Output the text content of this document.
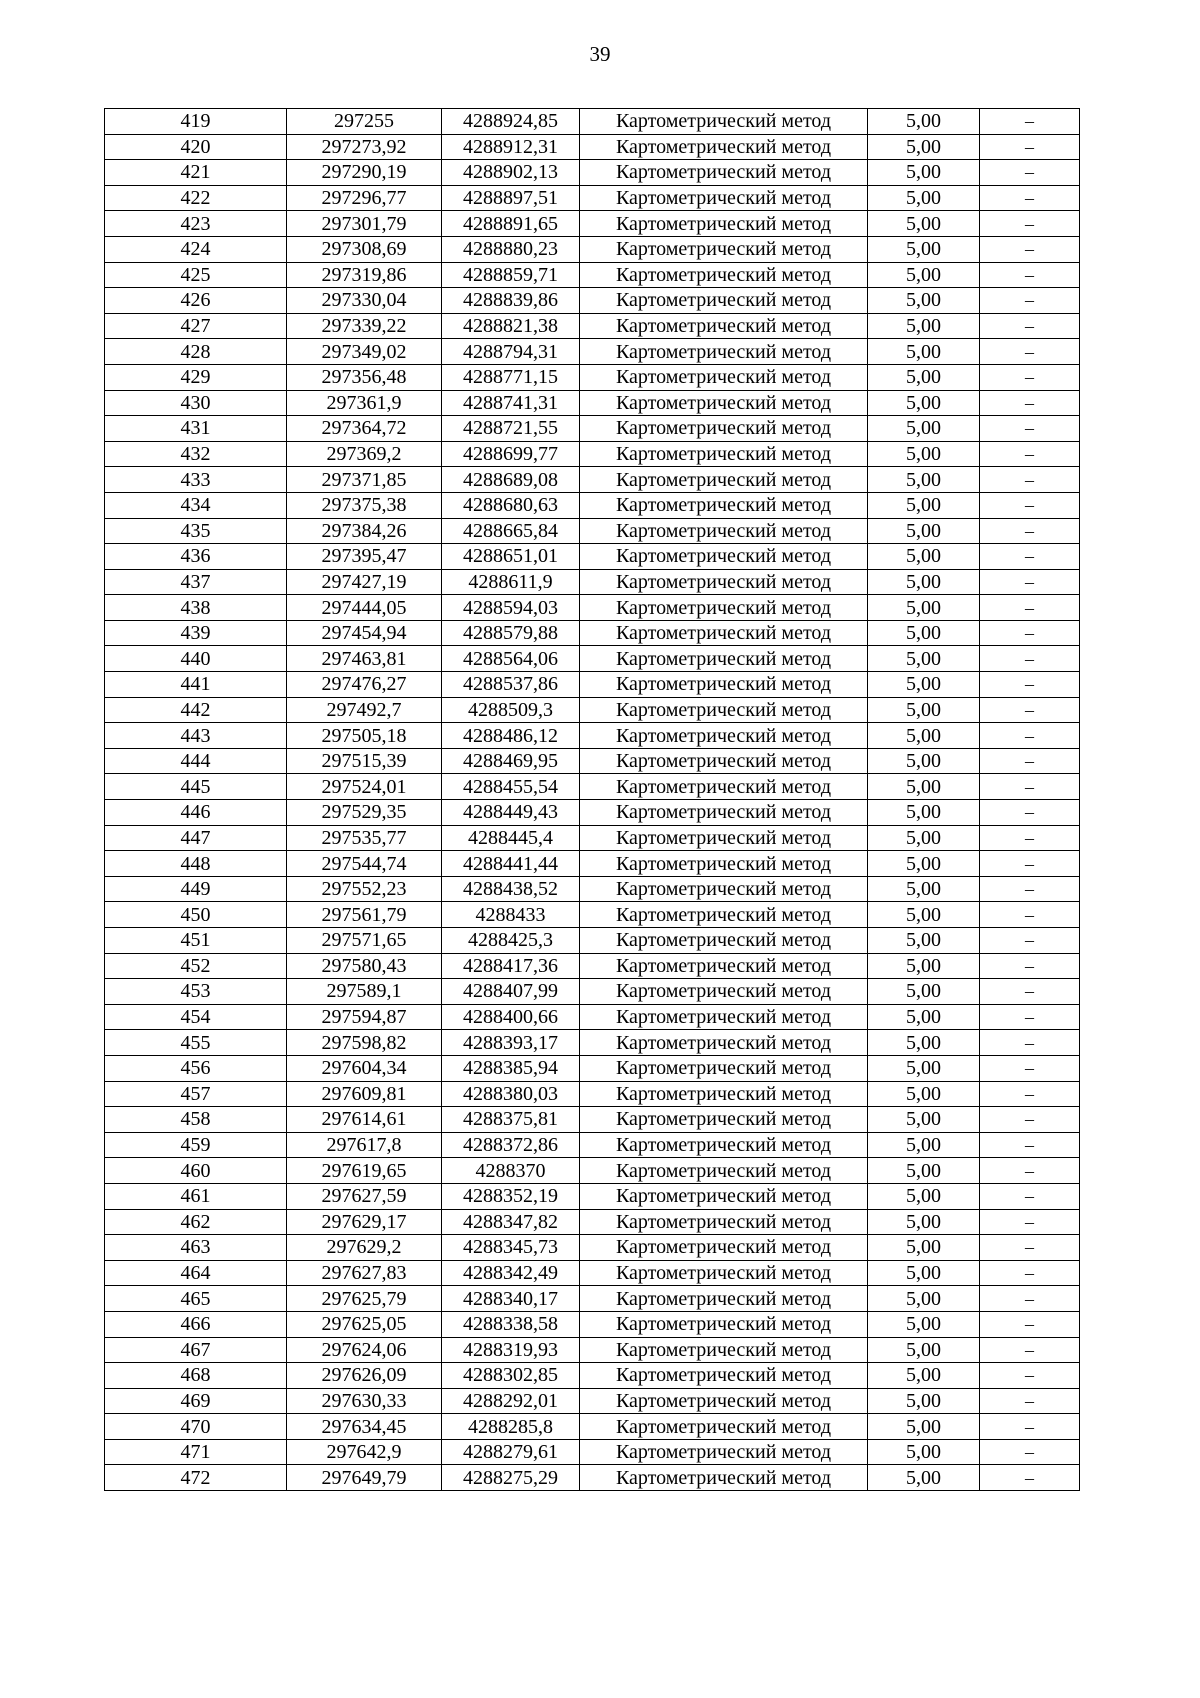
39
419	297255	4288924,85	Картометрический метод	5,00	–
420	297273,92	4288912,31	Картометрический метод	5,00	–
421	297290,19	4288902,13	Картометрический метод	5,00	–
422	297296,77	4288897,51	Картометрический метод	5,00	–
423	297301,79	4288891,65	Картометрический метод	5,00	–
424	297308,69	4288880,23	Картометрический метод	5,00	–
425	297319,86	4288859,71	Картометрический метод	5,00	–
426	297330,04	4288839,86	Картометрический метод	5,00	–
427	297339,22	4288821,38	Картометрический метод	5,00	–
428	297349,02	4288794,31	Картометрический метод	5,00	–
429	297356,48	4288771,15	Картометрический метод	5,00	–
430	297361,9	4288741,31	Картометрический метод	5,00	–
431	297364,72	4288721,55	Картометрический метод	5,00	–
432	297369,2	4288699,77	Картометрический метод	5,00	–
433	297371,85	4288689,08	Картометрический метод	5,00	–
434	297375,38	4288680,63	Картометрический метод	5,00	–
435	297384,26	4288665,84	Картометрический метод	5,00	–
436	297395,47	4288651,01	Картометрический метод	5,00	–
437	297427,19	4288611,9	Картометрический метод	5,00	–
438	297444,05	4288594,03	Картометрический метод	5,00	–
439	297454,94	4288579,88	Картометрический метод	5,00	–
440	297463,81	4288564,06	Картометрический метод	5,00	–
441	297476,27	4288537,86	Картометрический метод	5,00	–
442	297492,7	4288509,3	Картометрический метод	5,00	–
443	297505,18	4288486,12	Картометрический метод	5,00	–
444	297515,39	4288469,95	Картометрический метод	5,00	–
445	297524,01	4288455,54	Картометрический метод	5,00	–
446	297529,35	4288449,43	Картометрический метод	5,00	–
447	297535,77	4288445,4	Картометрический метод	5,00	–
448	297544,74	4288441,44	Картометрический метод	5,00	–
449	297552,23	4288438,52	Картометрический метод	5,00	–
450	297561,79	4288433	Картометрический метод	5,00	–
451	297571,65	4288425,3	Картометрический метод	5,00	–
452	297580,43	4288417,36	Картометрический метод	5,00	–
453	297589,1	4288407,99	Картометрический метод	5,00	–
454	297594,87	4288400,66	Картометрический метод	5,00	–
455	297598,82	4288393,17	Картометрический метод	5,00	–
456	297604,34	4288385,94	Картометрический метод	5,00	–
457	297609,81	4288380,03	Картометрический метод	5,00	–
458	297614,61	4288375,81	Картометрический метод	5,00	–
459	297617,8	4288372,86	Картометрический метод	5,00	–
460	297619,65	4288370	Картометрический метод	5,00	–
461	297627,59	4288352,19	Картометрический метод	5,00	–
462	297629,17	4288347,82	Картометрический метод	5,00	–
463	297629,2	4288345,73	Картометрический метод	5,00	–
464	297627,83	4288342,49	Картометрический метод	5,00	–
465	297625,79	4288340,17	Картометрический метод	5,00	–
466	297625,05	4288338,58	Картометрический метод	5,00	–
467	297624,06	4288319,93	Картометрический метод	5,00	–
468	297626,09	4288302,85	Картометрический метод	5,00	–
469	297630,33	4288292,01	Картометрический метод	5,00	–
470	297634,45	4288285,8	Картометрический метод	5,00	–
471	297642,9	4288279,61	Картометрический метод	5,00	–
472	297649,79	4288275,29	Картометрический метод	5,00	–
